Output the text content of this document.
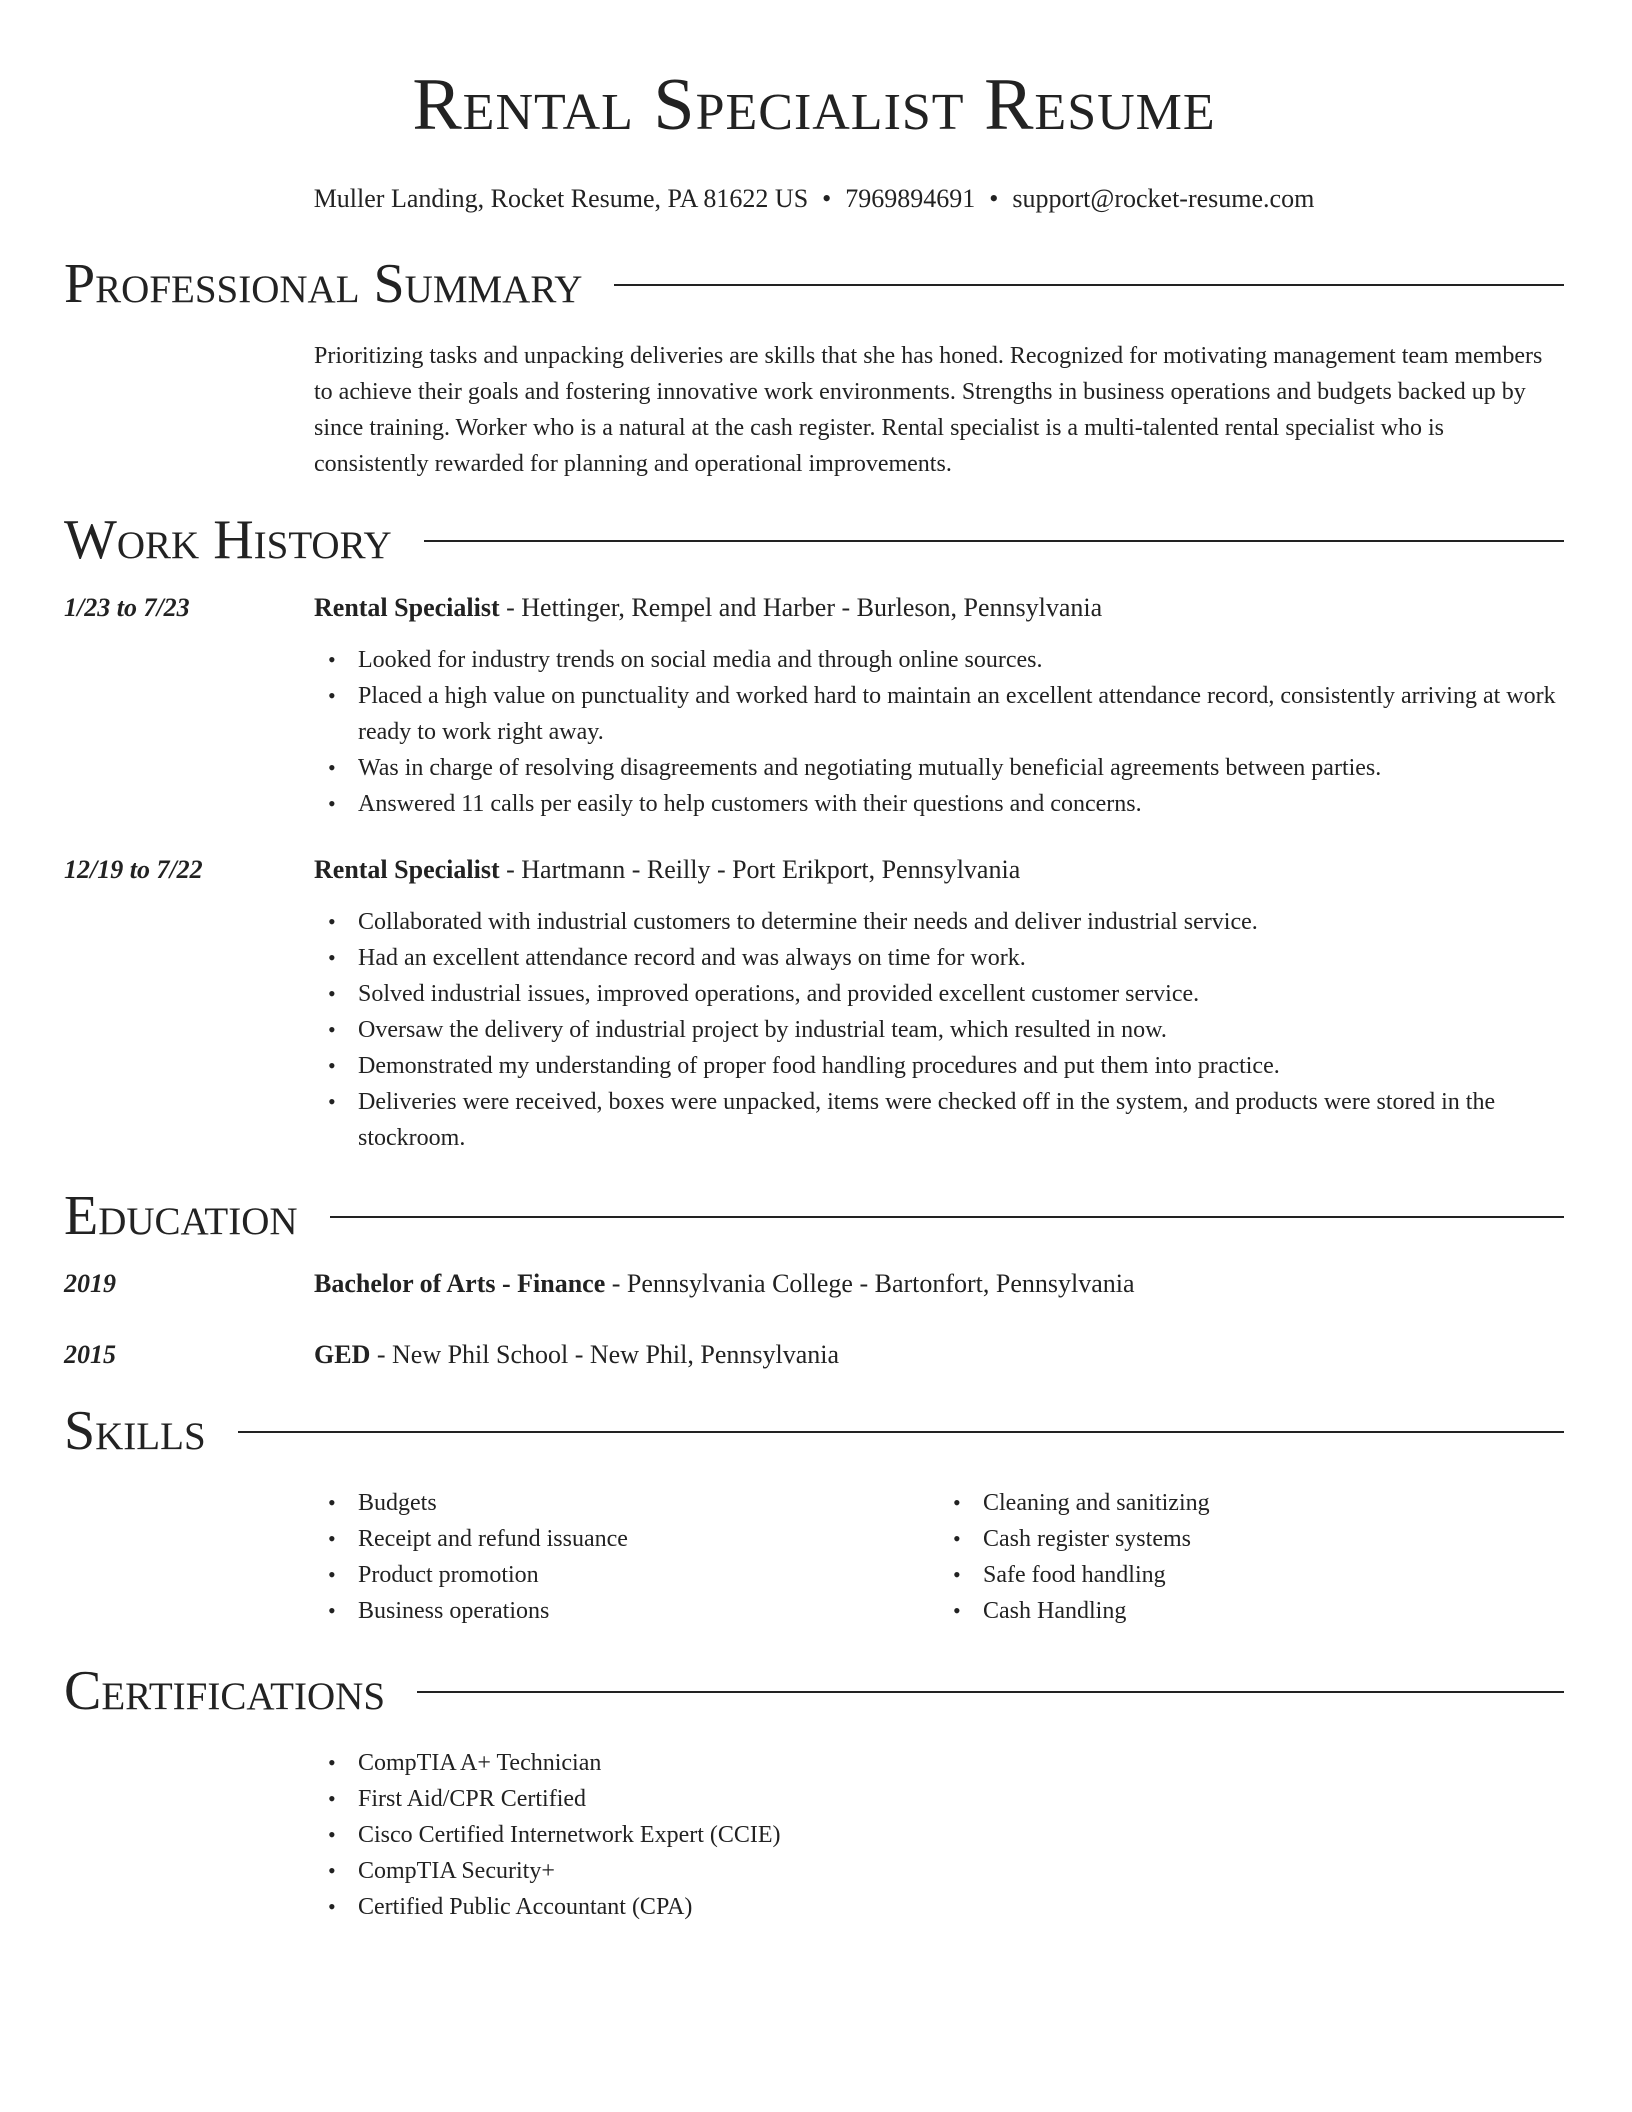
Rental Specialist Resume
Muller Landing, Rocket Resume, PA 81622 US • 7969894691 • support@rocket-resume.com
Professional Summary

Prioritizing tasks and unpacking deliveries are skills that she has honed. Recognized for motivating management team members to achieve their goals and fostering innovative work environments. Strengths in business operations and budgets backed up by since training. Worker who is a natural at the cash register. Rental specialist is a multi-talented rental specialist who is consistently rewarded for planning and operational improvements.

Work History
1/23 to 7/23	Rental Specialist - Hettinger, Rempel and Harber - Burleson, Pennsylvania
• Looked for industry trends on social media and through online sources.
• Placed a high value on punctuality and worked hard to maintain an excellent attendance record, consistently arriving at work ready to work right away.
• Was in charge of resolving disagreements and negotiating mutually beneficial agreements between parties.
• Answered 11 calls per easily to help customers with their questions and concerns.
12/19 to 7/22	Rental Specialist - Hartmann - Reilly - Port Erikport, Pennsylvania
• Collaborated with industrial customers to determine their needs and deliver industrial service.
• Had an excellent attendance record and was always on time for work.
• Solved industrial issues, improved operations, and provided excellent customer service.
• Oversaw the delivery of industrial project by industrial team, which resulted in now.
• Demonstrated my understanding of proper food handling procedures and put them into practice.
• Deliveries were received, boxes were unpacked, items were checked off in the system, and products were stored in the stockroom.
Education
2019	Bachelor of Arts - Finance - Pennsylvania College - Bartonfort, Pennsylvania
2015	GED - New Phil School - New Phil, Pennsylvania
Skills
• Budgets
• Receipt and refund issuance
• Product promotion
• Business operations
• Cleaning and sanitizing
• Cash register systems
• Safe food handling
• Cash Handling
Certifications
• CompTIA A+ Technician
• First Aid/CPR Certified
• Cisco Certified Internetwork Expert (CCIE)
• CompTIA Security+
• Certified Public Accountant (CPA)
